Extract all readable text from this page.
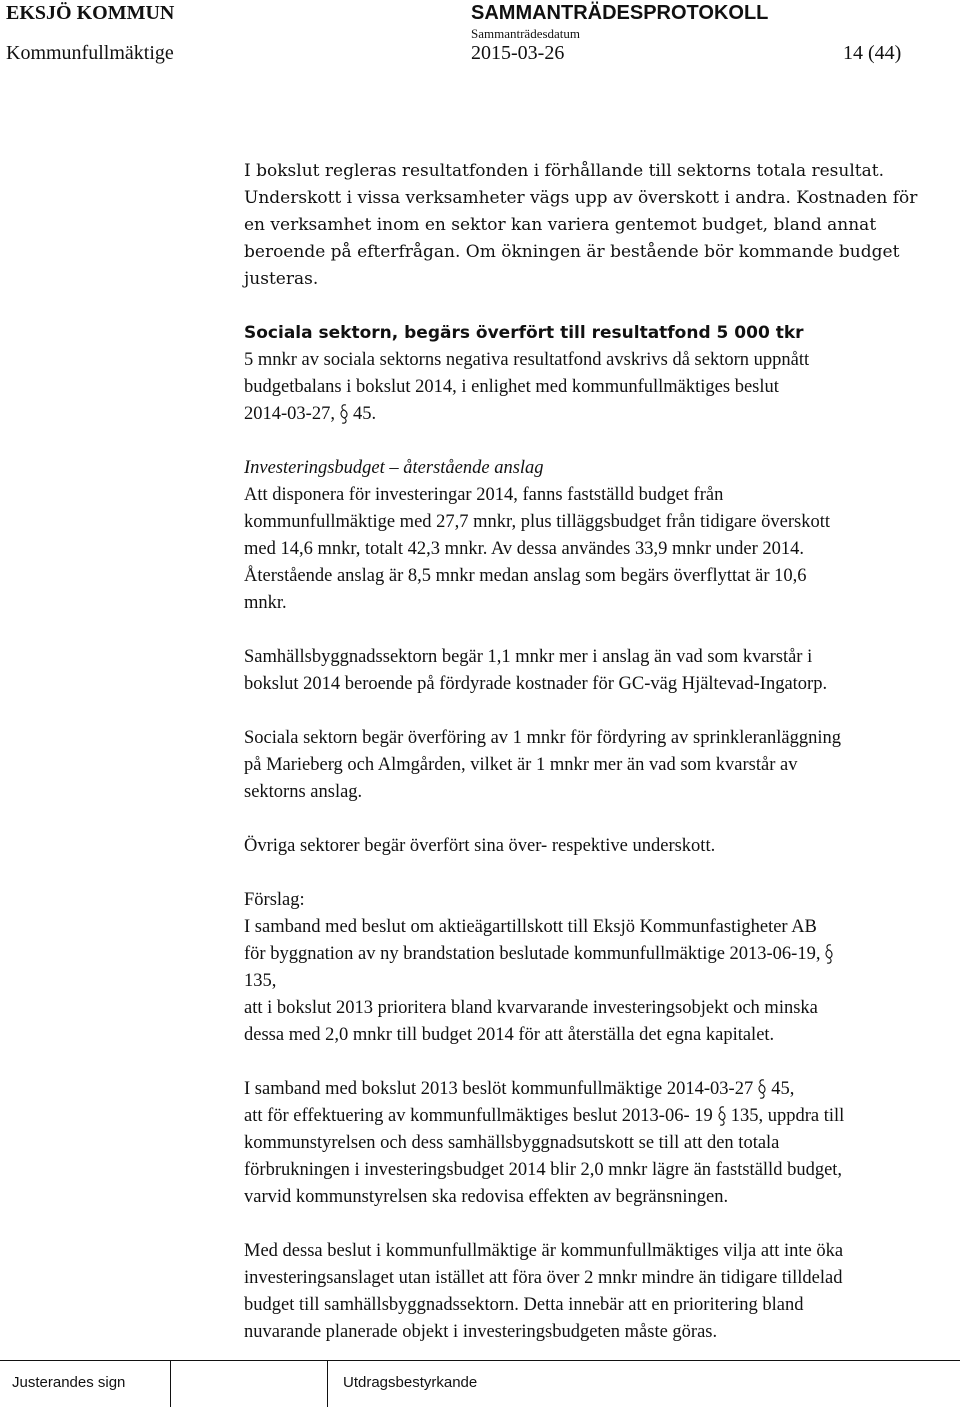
EKSJÖ KOMMUN	SAMMANTRÄDESPROTOKOLL
Sammanträdesdatum
Kommunfullmäktige	2015-03-26	14 (44)

I bokslut regleras resultatfonden i förhållande till sektorns totala resultat.
Underskott i vissa verksamheter vägs upp av överskott i andra. Kostnaden för
en verksamhet inom en sektor kan variera gentemot budget, bland annat
beroende på efterfrågan. Om ökningen är bestående bör kommande budget
justeras.

Sociala sektorn, begärs överfört till resultatfond 5 000 tkr
5 mnkr av sociala sektorns negativa resultatfond avskrivs då sektorn uppnått
budgetbalans i bokslut 2014, i enlighet med kommunfullmäktiges beslut
2014-03-27, 45.

Investeringsbudget – återstående anslag
Att disponera för investeringar 2014, fanns fastställd budget från
kommunfullmäktige med 27,7 mnkr, plus tilläggsbudget från tidigare överskott
med 14,6 mnkr, totalt 42,3 mnkr. Av dessa användes 33,9 mnkr under 2014.
Återstående anslag är 8,5 mnkr medan anslag som begärs överflyttat är 10,6
mnkr.

Samhällsbyggnadssektorn begär 1,1 mnkr mer i anslag än vad som kvarstår i
bokslut 2014 beroende på fördyrade kostnader för GC-väg Hjältevad-Ingatorp.

Sociala sektorn begär överföring av 1 mnkr för fördyring av sprinkleranläggning
på Marieberg och Almgården, vilket är 1 mnkr mer än vad som kvarstår av
sektorns anslag.

Övriga sektorer begär överfört sina över- respektive underskott.

Förslag:
I samband med beslut om aktieägartillskott till Eksjö Kommunfastigheter AB
för byggnation av ny brandstation beslutade kommunfullmäktige 2013-06-19,
135,
att i bokslut 2013 prioritera bland kvarvarande investeringsobjekt och minska
dessa med 2,0 mnkr till budget 2014 för att återställa det egna kapitalet.

I samband med bokslut 2013 beslöt kommunfullmäktige 2014-03-27 45,
att för effektuering av kommunfullmäktiges beslut 2013-06- 19 135, uppdra till
kommunstyrelsen och dess samhällsbyggnadsutskott se till att den totala
förbrukningen i investeringsbudget 2014 blir 2,0 mnkr lägre än fastställd budget,
varvid kommunstyrelsen ska redovisa effekten av begränsningen.

Med dessa beslut i kommunfullmäktige är kommunfullmäktiges vilja att inte öka
investeringsanslaget utan istället att föra över 2 mnkr mindre än tidigare tilldelad
budget till samhällsbyggnadssektorn. Detta innebär att en prioritering bland
nuvarande planerade objekt i investeringsbudgeten måste göras.

Justerandes sign	Utdragsbestyrkande
